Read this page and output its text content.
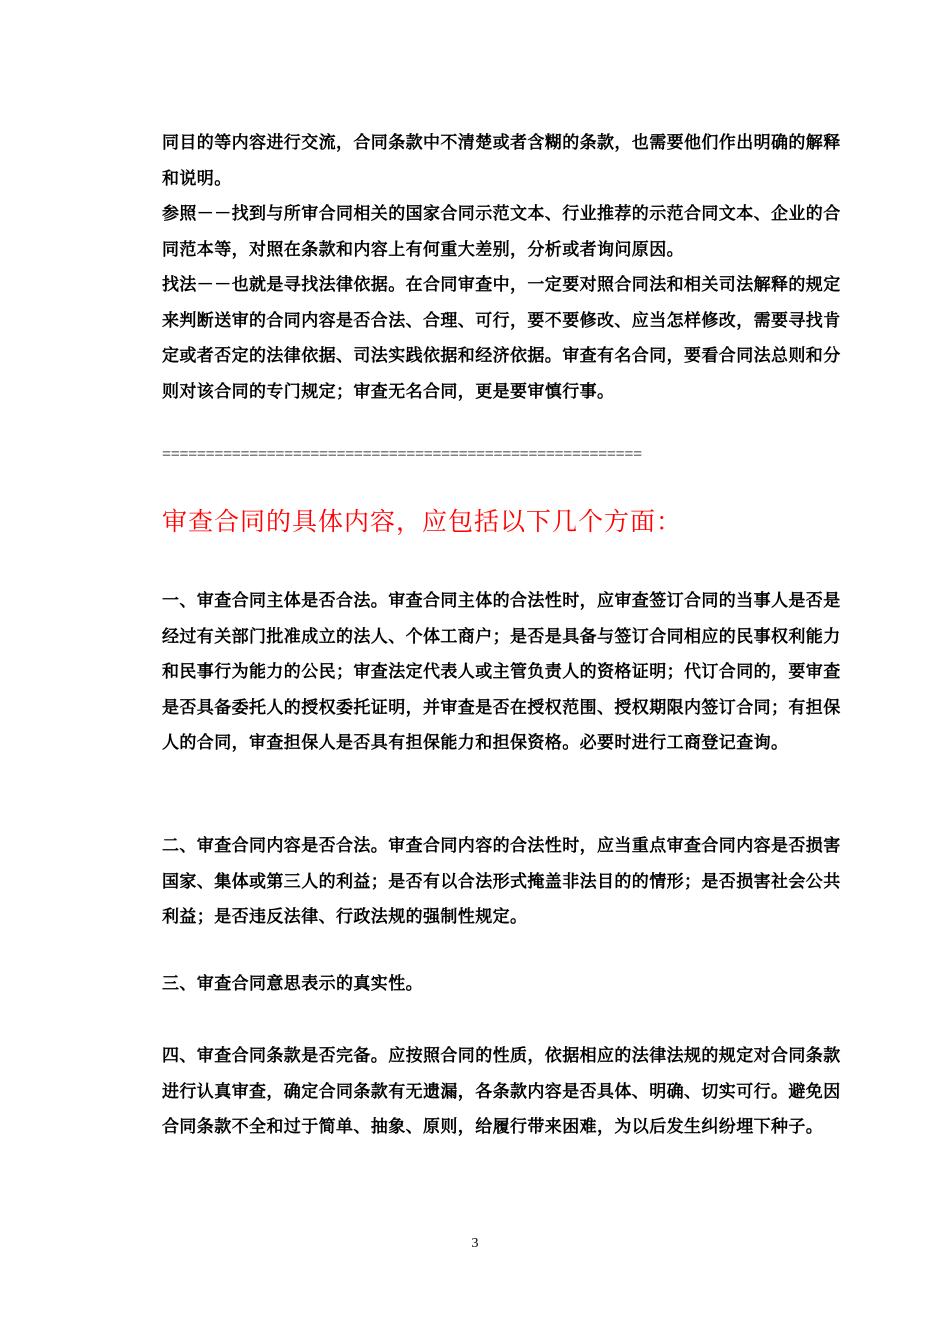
同目的等内容进行交流，合同条款中不清楚或者含糊的条款，也需要他们作出明确的解释和说明。

参照－－找到与所审合同相关的国家合同示范文本、行业推荐的示范合同文本、企业的合同范本等，对照在条款和内容上有何重大差别，分析或者询问原因。

找法－－也就是寻找法律依据。在合同审查中，一定要对照合同法和相关司法解释的规定来判断送审的合同内容是否合法、合理、可行，要不要修改、应当怎样修改，需要寻找肯定或者否定的法律依据、司法实践依据和经济依据。审查有名合同，要看合同法总则和分则对该合同的专门规定；审查无名合同，更是要审慎行事。

=======================================================
审查合同的具体内容，应包括以下几个方面：

一、审查合同主体是否合法。审查合同主体的合法性时，应审查签订合同的当事人是否是经过有关部门批准成立的法人、个体工商户；是否是具备与签订合同相应的民事权利能力和民事行为能力的公民；审查法定代表人或主管负责人的资格证明；代订合同的，要审查是否具备委托人的授权委托证明，并审查是否在授权范围、授权期限内签订合同；有担保人的合同，审查担保人是否具有担保能力和担保资格。必要时进行工商登记查询。

二、审查合同内容是否合法。审查合同内容的合法性时，应当重点审查合同内容是否损害国家、集体或第三人的利益；是否有以合法形式掩盖非法目的的情形；是否损害社会公共利益；是否违反法律、行政法规的强制性规定。

三、审查合同意思表示的真实性。

四、审查合同条款是否完备。应按照合同的性质，依据相应的法律法规的规定对合同条款进行认真审查，确定合同条款有无遗漏，各条款内容是否具体、明确、切实可行。避免因合同条款不全和过于简单、抽象、原则，给履行带来困难，为以后发生纠纷埋下种子。

3
